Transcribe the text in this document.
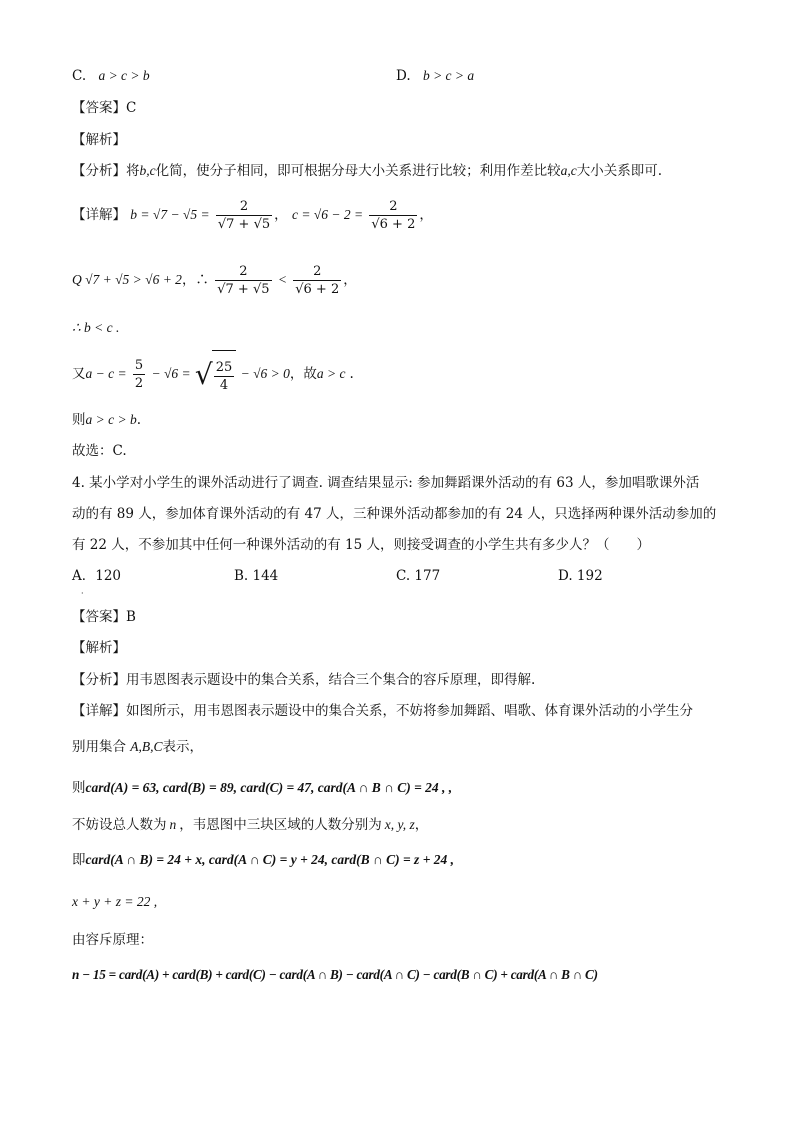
C. a > c > b	D. b > c > a
【答案】C
【解析】
【分析】将b,c化简，使分子相同，即可根据分母大小关系进行比较；利用作差比较a,c大小关系即可.
【详解】 $b = √7 - √5 = \frac{2}{√7 + √5}$ ， $c = √6 - 2 = \frac{2}{√6 + 2}$ ，
Q √7 + √5 > √6 + 2，∴ $\frac{2}{√7 + √5} < \frac{2}{√6 + 2}$ ，
∴ b < c .
又$a - c = \frac{5}{2} - √6$ = √ $\frac{25}{4} - √6 > 0$，故a > c .
则a > c > b.
故选：C.
4. 某小学对小学生的课外活动进行了调查. 调查结果显示: 参加舞蹈课外活动的有 63 人，参加唱歌课外活
动的有 89 人，参加体育课外活动的有 47 人，三种课外活动都参加的有 24 人，只选择两种课外活动参加的
有 22 人，不参加其中任何一种课外活动的有 15 人，则接受调查的小学生共有多少人？（　　）
A．120	B. 144	C. 177	D. 192
·
【答案】B
【解析】
【分析】用韦恩图表示题设中的集合关系，结合三个集合的容斥原理，即得解.
【详解】如图所示，用韦恩图表示题设中的集合关系，不妨将参加舞蹈、唱歌、体育课外活动的小学生分
别用集合 A,B,C表示，
则card(A) = 63, card(B) = 89, card(C) = 47, card(A ∩ B ∩ C) = 24 , ,
不妨设总人数为 n ，韦恩图中三块区域的人数分别为 x, y, z，
即card(A ∩ B) = 24 + x, card(A ∩ C) = y + 24, card(B ∩ C) = z + 24 ,
x + y + z = 22 ,
由容斥原理：
n − 15 = card(A) + card(B) + card(C) − card(A ∩ B) − card(A ∩ C) − card(B ∩ C) + card(A ∩ B ∩ C)
